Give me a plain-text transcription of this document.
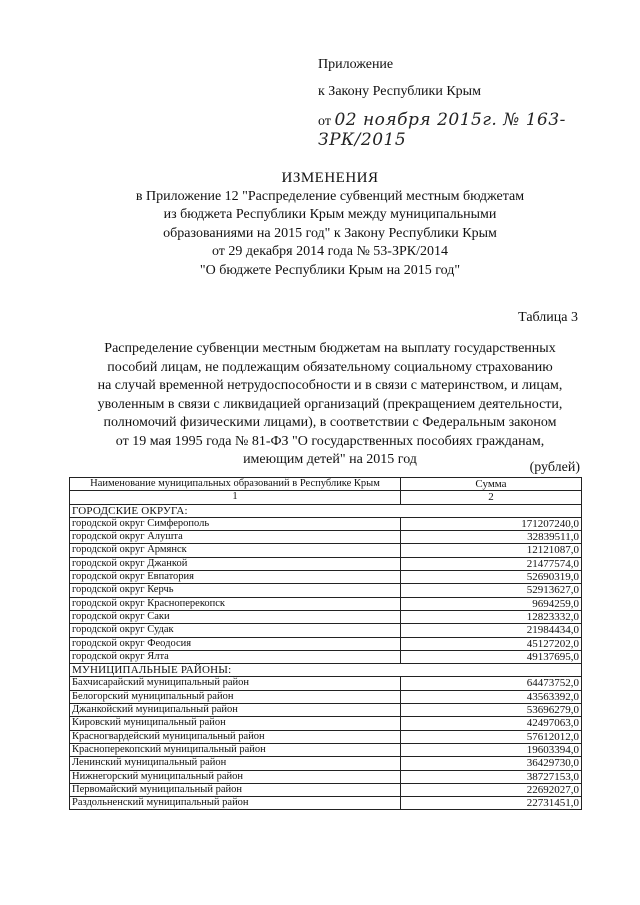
Приложение
к Закону Республики Крым
от 02 ноября 2015г. № 163-ЗРК/2015
ИЗМЕНЕНИЯ
в Приложение 12 "Распределение субвенций местным бюджетам
из бюджета Республики Крым между муниципальными
образованиями на 2015 год" к Закону Республики Крым
от 29 декабря 2014 года № 53-ЗРК/2014
"О бюджете Республики Крым на 2015 год"
Таблица 3
Распределение субвенции местным бюджетам на выплату государственных
пособий лицам, не подлежащим обязательному социальному страхованию
на случай временной нетрудоспособности и в связи с материнством, и лицам,
уволенным в связи с ликвидацией организаций (прекращением деятельности,
полномочий физическими лицами), в соответствии с Федеральным законом
от 19 мая 1995 года № 81-ФЗ "О государственных пособиях гражданам,
имеющим детей" на 2015 год
(рублей)
Наименование муниципальных образований в Республике Крым	Сумма
1	2
ГОРОДСКИЕ ОКРУГА:	
городской округ Симферополь	171207240,0
городской округ Алушта	32839511,0
городской округ Армянск	12121087,0
городской округ Джанкой	21477574,0
городской округ Евпатория	52690319,0
городской округ Керчь	52913627,0
городской округ Красноперекопск	9694259,0
городской округ Саки	12823332,0
городской округ Судак	21984434,0
городской округ Феодосия	45127202,0
городской округ Ялта	49137695,0
МУНИЦИПАЛЬНЫЕ РАЙОНЫ:	
Бахчисарайский муниципальный район	64473752,0
Белогорский муниципальный район	43563392,0
Джанкойский муниципальный район	53696279,0
Кировский муниципальный район	42497063,0
Красногвардейский муниципальный район	57612012,0
Красноперекопский муниципальный район	19603394,0
Ленинский муниципальный район	36429730,0
Нижнегорский муниципальный район	38727153,0
Первомайский муниципальный район	22692027,0
Раздольненский муниципальный район	22731451,0
